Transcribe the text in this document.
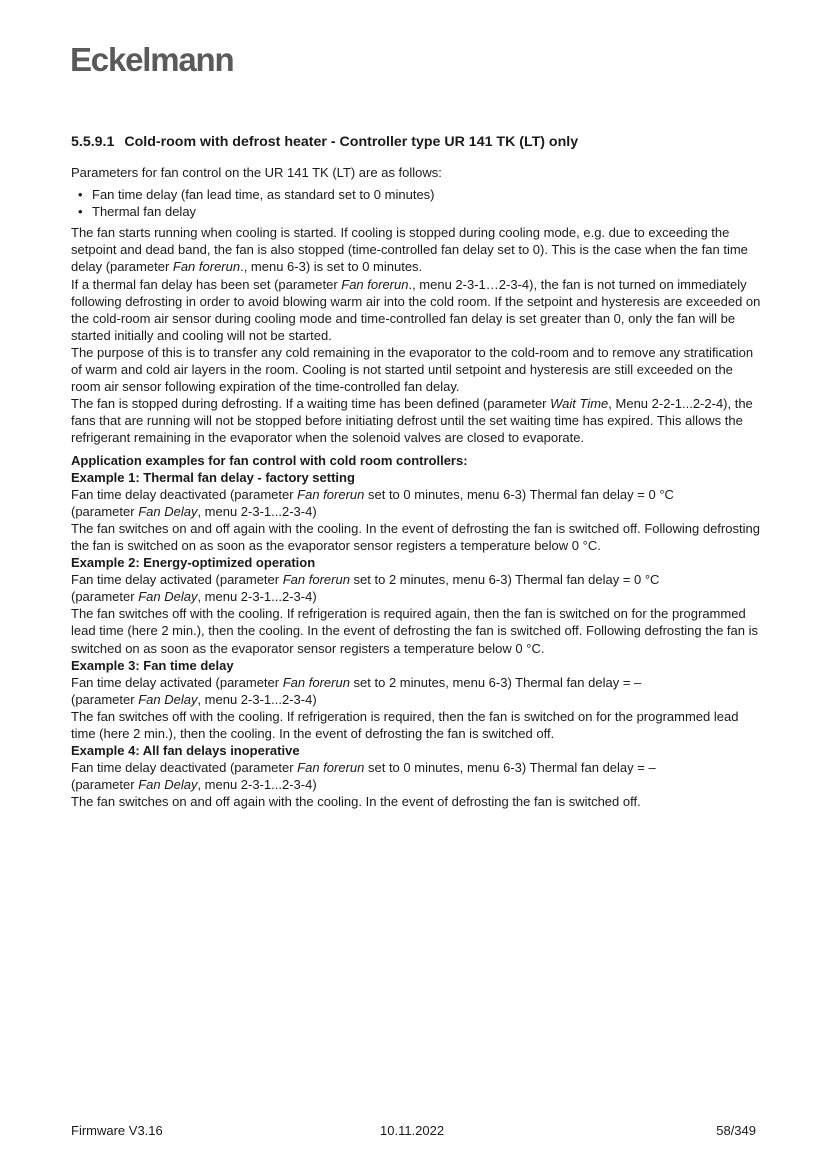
Eckelmann
5.5.9.1 Cold-room with defrost heater - Controller type UR 141 TK (LT) only

Parameters for fan control on the UR 141 TK (LT) are as follows:

• Fan time delay (fan lead time, as standard set to 0 minutes)
• Thermal fan delay

The fan starts running when cooling is started. If cooling is stopped during cooling mode, e.g. due to exceeding the setpoint and dead band, the fan is also stopped (time-controlled fan delay set to 0). This is the case when the fan time delay (parameter Fan forerun., menu 6-3) is set to 0 minutes.

If a thermal fan delay has been set (parameter Fan forerun., menu 2-3-1…2-3-4), the fan is not turned on immediately following defrosting in order to avoid blowing warm air into the cold room. If the setpoint and hysteresis are exceeded on the cold-room air sensor during cooling mode and time-controlled fan delay is set greater than 0, only the fan will be started initially and cooling will not be started.

The purpose of this is to transfer any cold remaining in the evaporator to the cold-room and to remove any stratification of warm and cold air layers in the room. Cooling is not started until setpoint and hysteresis are still exceeded on the room air sensor following expiration of the time-controlled fan delay.

The fan is stopped during defrosting. If a waiting time has been defined (parameter Wait Time, Menu 2-2-1...2-2-4), the fans that are running will not be stopped before initiating defrost until the set waiting time has expired. This allows the refrigerant remaining in the evaporator when the solenoid valves are closed to evaporate.

Application examples for fan control with cold room controllers:

Example 1: Thermal fan delay - factory setting

Fan time delay deactivated (parameter Fan forerun set to 0 minutes, menu 6-3) Thermal fan delay = 0 °C

(parameter Fan Delay, menu 2-3-1...2-3-4)

The fan switches on and off again with the cooling. In the event of defrosting the fan is switched off. Following defrosting the fan is switched on as soon as the evaporator sensor registers a temperature below 0 °C.

Example 2: Energy-optimized operation

Fan time delay activated (parameter Fan forerun set to 2 minutes, menu 6-3) Thermal fan delay = 0 °C

(parameter Fan Delay, menu 2-3-1...2-3-4)

The fan switches off with the cooling. If refrigeration is required again, then the fan is switched on for the programmed lead time (here 2 min.), then the cooling. In the event of defrosting the fan is switched off. Following defrosting the fan is switched on as soon as the evaporator sensor registers a temperature below 0 °C.

Example 3: Fan time delay

Fan time delay activated (parameter Fan forerun set to 2 minutes, menu 6-3) Thermal fan delay = –

(parameter Fan Delay, menu 2-3-1...2-3-4)

The fan switches off with the cooling. If refrigeration is required, then the fan is switched on for the programmed lead time (here 2 min.), then the cooling. In the event of defrosting the fan is switched off.

Example 4: All fan delays inoperative

Fan time delay deactivated (parameter Fan forerun set to 0 minutes, menu 6-3) Thermal fan delay = –

(parameter Fan Delay, menu 2-3-1...2-3-4)

The fan switches on and off again with the cooling. In the event of defrosting the fan is switched off.

Firmware V3.16	10.11.2022	58/349
